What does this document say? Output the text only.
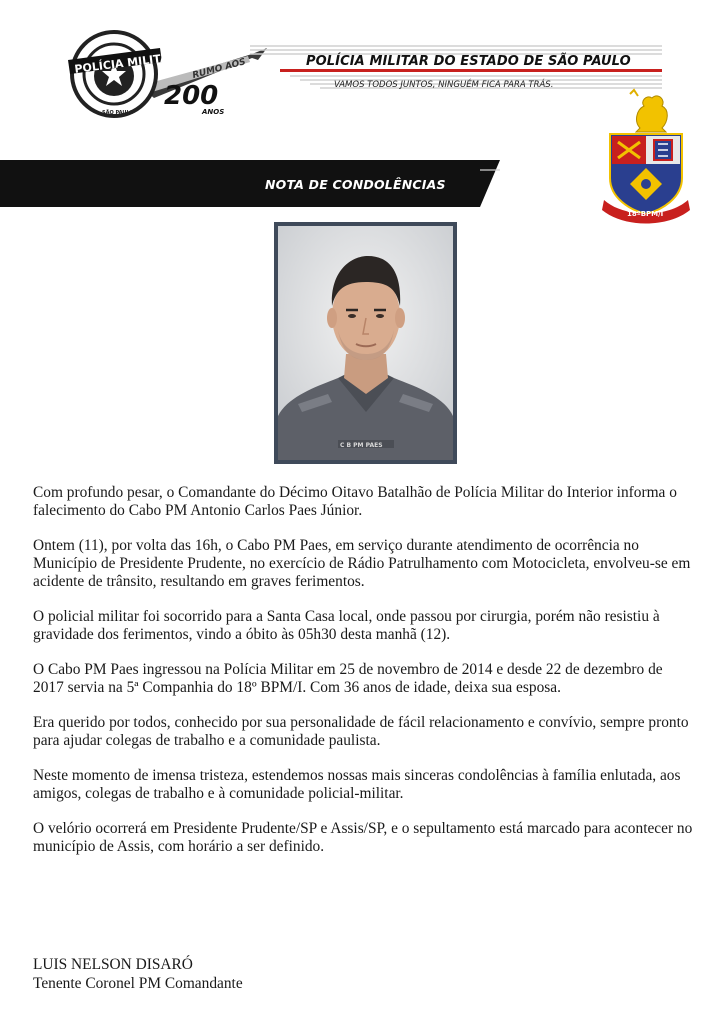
POLÍCIA MILITAR
SÃO PAULO
RUMO AOS
200
ANOS
POLÍCIA MILITAR DO ESTADO DE SÃO PAULO
VAMOS TODOS JUNTOS, NINGUÉM FICA PARA TRÁS.
NOTA DE CONDOLÊNCIAS
18ºBPM/I
C B PM PAES

Com profundo pesar, o Comandante do Décimo Oitavo Batalhão de Polícia Militar do Interior informa o falecimento do Cabo PM Antonio Carlos Paes Júnior.

Ontem (11), por volta das 16h, o Cabo PM Paes, em serviço durante atendimento de ocorrência no Município de Presidente Prudente, no exercício de Rádio Patrulhamento com Motocicleta, envolveu-se em acidente de trânsito, resultando em graves ferimentos.

O policial militar foi socorrido para a Santa Casa local, onde passou por cirurgia, porém não resistiu à gravidade dos ferimentos, vindo a óbito às 05h30 desta manhã (12).

O Cabo PM Paes ingressou na Polícia Militar em 25 de novembro de 2014 e desde 22 de dezembro de 2017 servia na 5ª Companhia do 18º BPM/I. Com 36 anos de idade, deixa sua esposa.

Era querido por todos, conhecido por sua personalidade de fácil relacionamento e convívio, sempre pronto para ajudar colegas de trabalho e a comunidade paulista.

Neste momento de imensa tristeza, estendemos nossas mais sinceras condolências à família enlutada, aos amigos, colegas de trabalho e à comunidade policial-militar.

O velório ocorrerá em Presidente Prudente/SP e Assis/SP, e o sepultamento está marcado para acontecer no município de Assis, com horário a ser definido.

LUIS NELSON DISARÓ
Tenente Coronel PM Comandante
